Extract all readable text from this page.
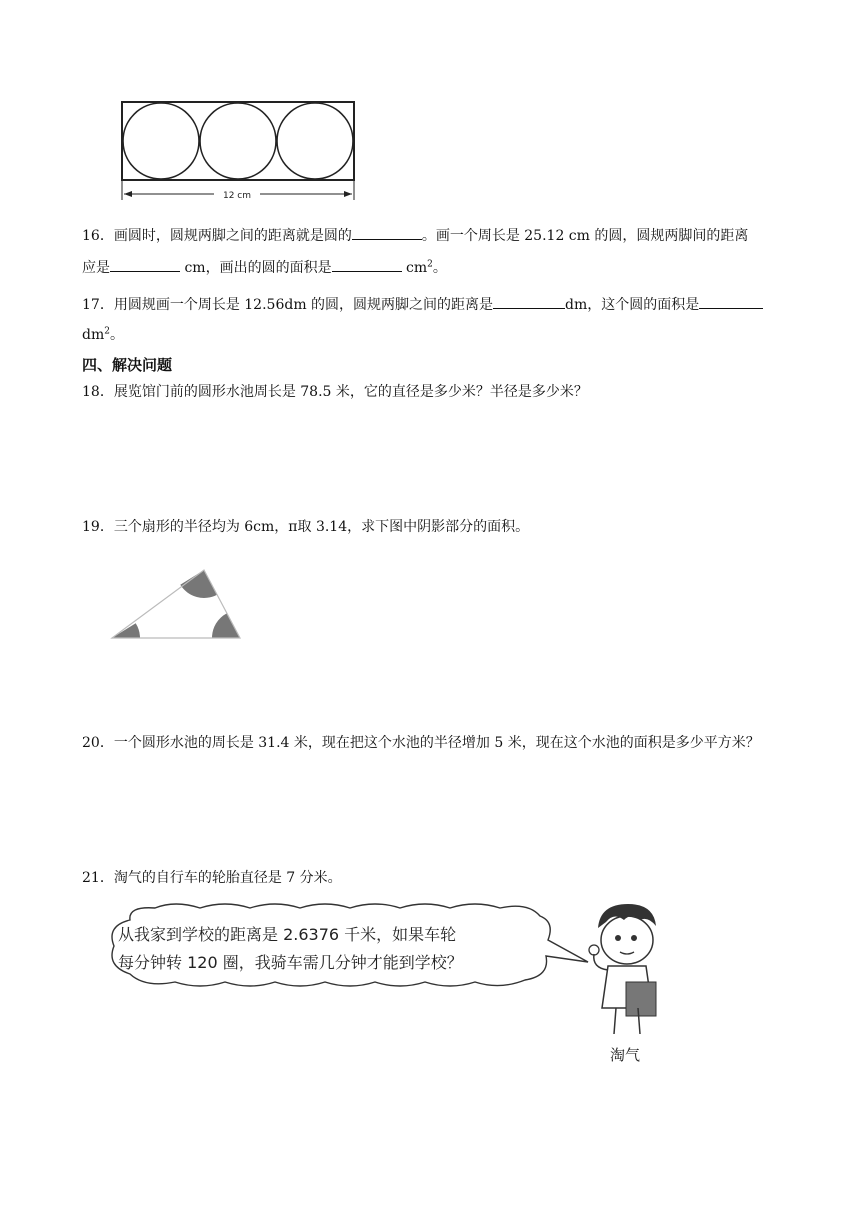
12 cm
16．画圆时，圆规两脚之间的距离就是圆的	。画一个周长是 25.12 cm 的圆，圆规两脚间的距离
应是	cm，画出的圆的面积是	$cm^2$。
17．用圆规画一个周长是 12.56dm 的圆，圆规两脚之间的距离是	dm，这个圆的面积是
$dm^2$。
四、解决问题
18．展览馆门前的圆形水池周长是 78.5 米，它的直径是多少米？半径是多少米？
19．三个扇形的半径均为 6cm，π取 3.14，求下图中阴影部分的面积。
20．一个圆形水池的周长是 31.4 米，现在把这个水池的半径增加 5 米，现在这个水池的面积是多少平方米？
21．淘气的自行车的轮胎直径是 7 分米。
从我家到学校的距离是 2.6376 千米，如果车轮
每分钟转 120 圈，我骑车需几分钟才能到学校？
淘气
